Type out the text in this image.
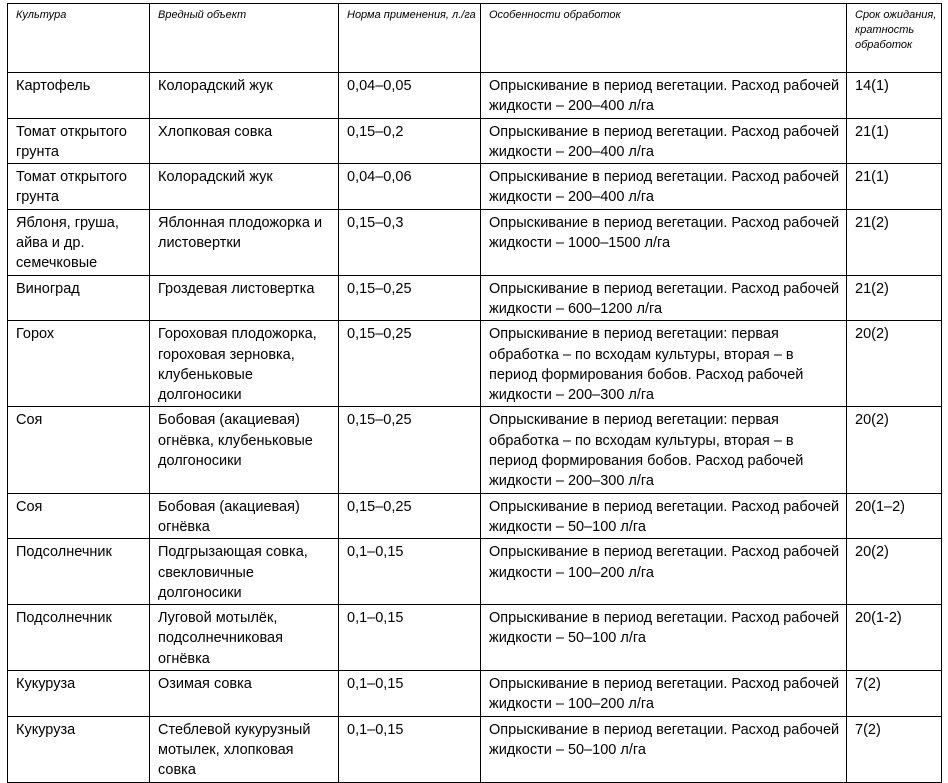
Культура	Вредный объект	Норма применения, л./га	Особенности обработок	Срок ожидания, кратность обработок
Картофель	Колорадский жук	0,04–0,05	Опрыскивание в период вегетации. Расход рабочей жидкости – 200–400 л/га	14(1)
Томат открытого грунта	Хлопковая совка	0,15–0,2	Опрыскивание в период вегетации. Расход рабочей жидкости – 200–400 л/га	21(1)
Томат открытого грунта	Колорадский жук	0,04–0,06	Опрыскивание в период вегетации. Расход рабочей жидкости – 200–400 л/га	21(1)
Яблоня, груша, айва и др. семечковые	Яблонная плодожорка и листовертки	0,15–0,3	Опрыскивание в период вегетации. Расход рабочей жидкости – 1000–1500 л/га	21(2)
Виноград	Гроздевая листовертка	0,15–0,25	Опрыскивание в период вегетации. Расход рабочей жидкости – 600–1200 л/га	21(2)
Горох	Гороховая плодожорка, гороховая зерновка, клубеньковые долгоносики	0,15–0,25	Опрыскивание в период вегетации: первая обработка – по всходам культуры, вторая – в период формирования бобов. Расход рабочей жидкости – 200–300 л/га	20(2)
Соя	Бобовая (акациевая) огнёвка, клубеньковые долгоносики	0,15–0,25	Опрыскивание в период вегетации: первая обработка – по всходам культуры, вторая – в период формирования бобов. Расход рабочей жидкости – 200–300 л/га	20(2)
Соя	Бобовая (акациевая) огнёвка	0,15–0,25	Опрыскивание в период вегетации. Расход рабочей жидкости – 50–100 л/га	20(1–2)
Подсолнечник	Подгрызающая совка, свекловичные долгоносики	0,1–0,15	Опрыскивание в период вегетации. Расход рабочей жидкости – 100–200 л/га	20(2)
Подсолнечник	Луговой мотылёк, подсолнечниковая огнёвка	0,1–0,15	Опрыскивание в период вегетации. Расход рабочей жидкости – 50–100 л/га	20(1-2)
Кукуруза	Озимая совка	0,1–0,15	Опрыскивание в период вегетации. Расход рабочей жидкости – 100–200 л/га	7(2)
Кукуруза	Стеблевой кукурузный мотылек, хлопковая совка	0,1–0,15	Опрыскивание в период вегетации. Расход рабочей жидкости – 50–100 л/га	7(2)
